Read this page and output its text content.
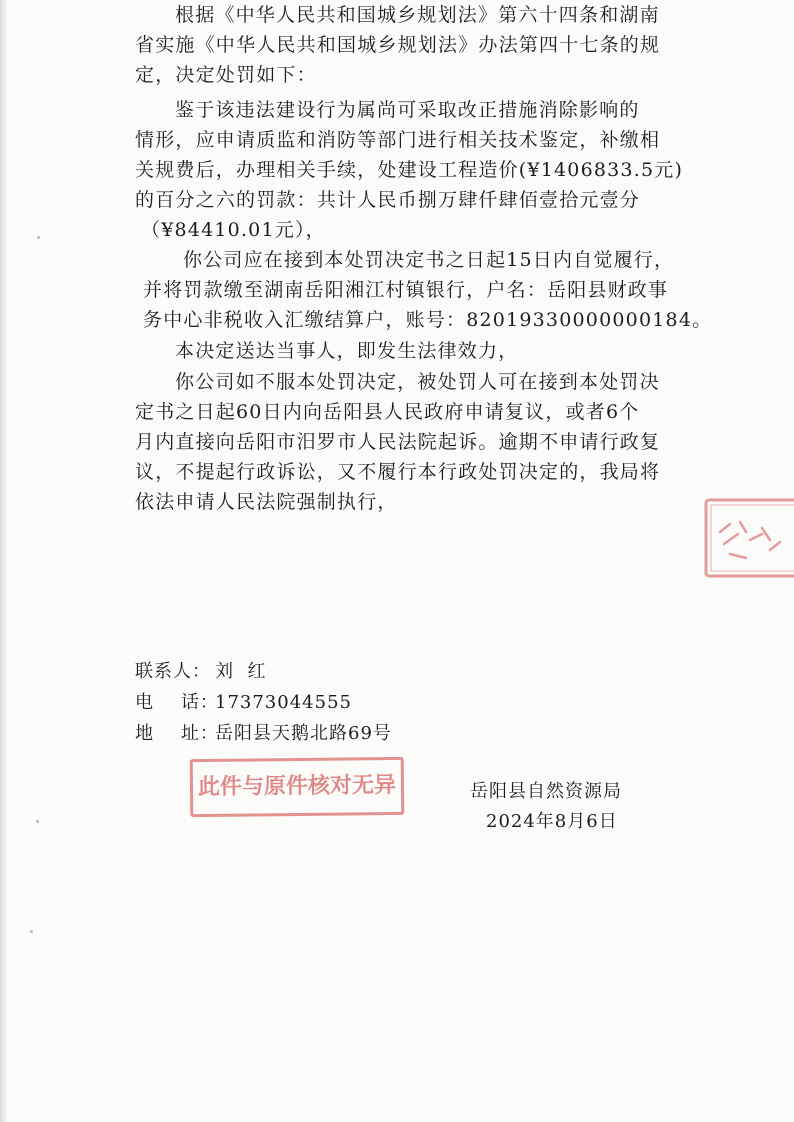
根据《中华人民共和国城乡规划法》第六十四条和湖南
省实施《中华人民共和国城乡规划法》办法第四十七条的规
定，决定处罚如下：
鉴于该违法建设行为属尚可采取改正措施消除影响的
情形，应申请质监和消防等部门进行相关技术鉴定，补缴相
关规费后，办理相关手续，处建设工程造价(¥1406833.5元)
的百分之六的罚款：共计人民币捌万肆仟肆佰壹拾元壹分
（¥84410.01元），
你公司应在接到本处罚决定书之日起15日内自觉履行，
并将罚款缴至湖南岳阳湘江村镇银行，户名：岳阳县财政事
务中心非税收入汇缴结算户，账号：82019330000000184。
本决定送达当事人，即发生法律效力，
你公司如不服本处罚决定，被处罚人可在接到本处罚决
定书之日起60日内向岳阳县人民政府申请复议，或者6个
月内直接向岳阳市汨罗市人民法院起诉。逾期不申请行政复
议，不提起行政诉讼，又不履行本行政处罚决定的，我局将
依法申请人民法院强制执行，
联系人： 刘  红
电    话：17373044555
地    址：岳阳县天鹅北路69号
此件与原件核对无异	岳阳县自然资源局
2024年8月6日
